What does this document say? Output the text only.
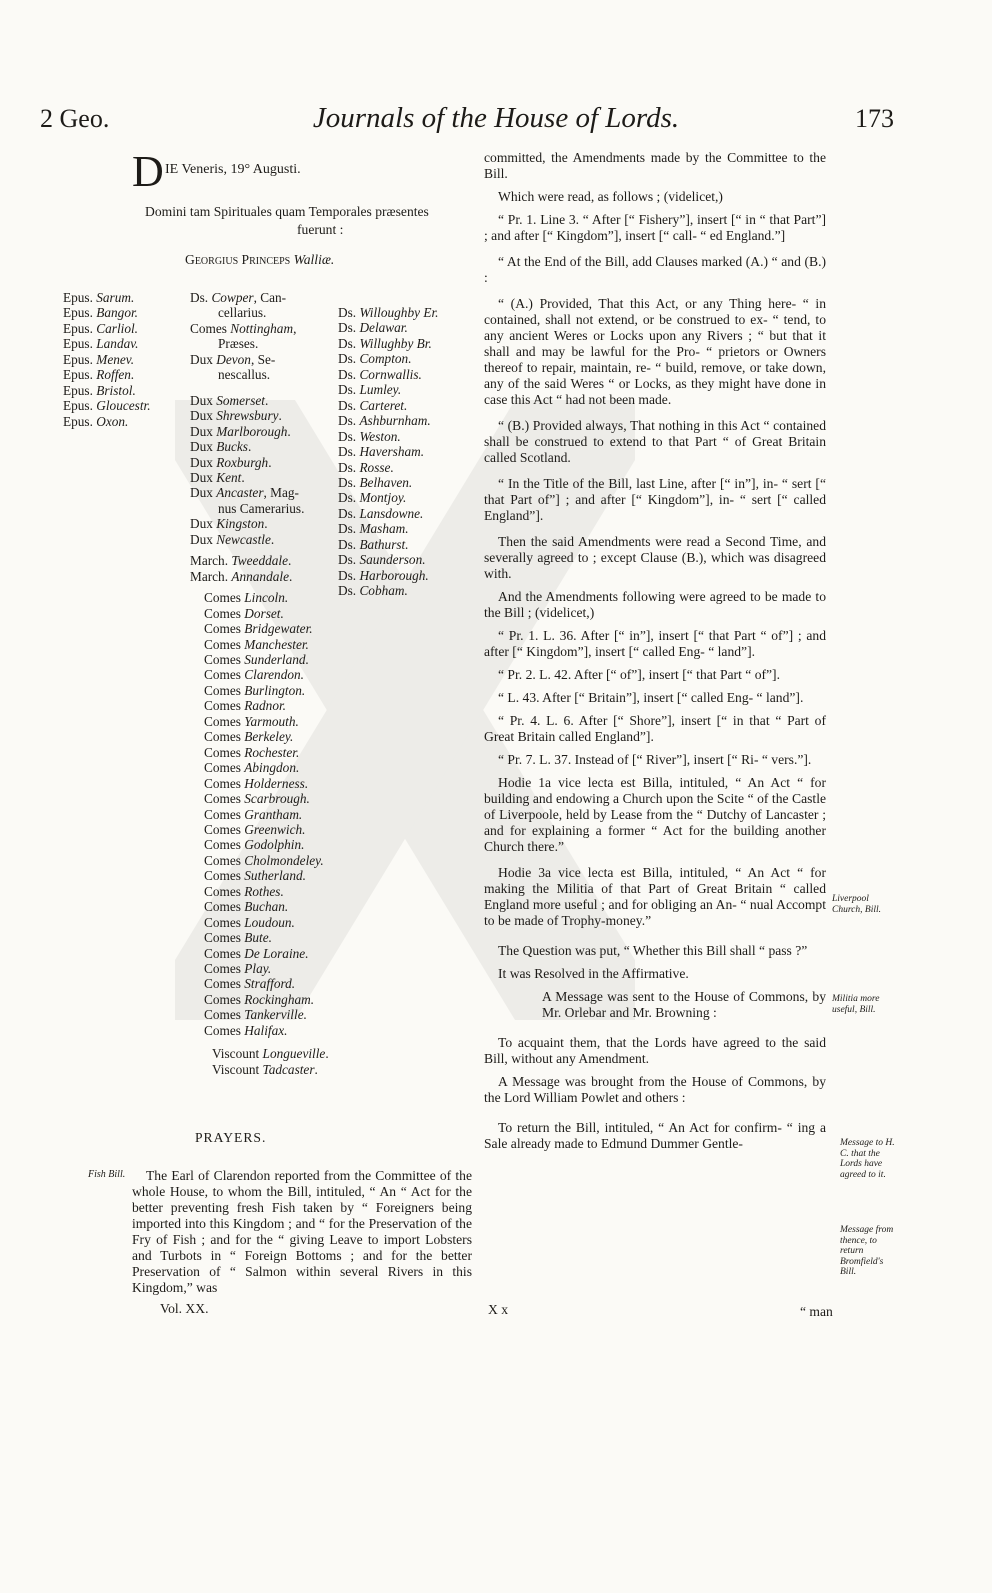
2 Geo.	Journals of the House of Lords.	173
D IE Veneris, 19° Augusti.
Domini tam Spirituales quam Temporales præsentes
fuerunt :
Georgius Princeps Walliæ.
Epus. Sarum.
Epus. Bangor.
Epus. Carliol.
Epus. Landav.
Epus. Menev.
Epus. Roffen.
Epus. Bristol.
Epus. Gloucestr.
Epus. Oxon.
Ds. Cowper, Can-
cellarius.
Comes Nottingham,
Præses.
Dux Devon, Se-
nescallus.
Dux Somerset.
Dux Shrewsbury.
Dux Marlborough.
Dux Bucks.
Dux Roxburgh.
Dux Kent.
Dux Ancaster, Mag-
nus Camerarius.
Dux Kingston.
Dux Newcastle.
March. Tweeddale.
March. Annandale.
Comes Lincoln.
Comes Dorset.
Comes Bridgewater.
Comes Manchester.
Comes Sunderland.
Comes Clarendon.
Comes Burlington.
Comes Radnor.
Comes Yarmouth.
Comes Berkeley.
Comes Rochester.
Comes Abingdon.
Comes Holderness.
Comes Scarbrough.
Comes Grantham.
Comes Greenwich.
Comes Godolphin.
Comes Cholmondeley.
Comes Sutherland.
Comes Rothes.
Comes Buchan.
Comes Loudoun.
Comes Bute.
Comes De Loraine.
Comes Play.
Comes Strafford.
Comes Rockingham.
Comes Tankerville.
Comes Halifax.
Viscount Longueville.
Viscount Tadcaster.
Ds. Willoughby Er.
Ds. Delawar.
Ds. Willughby Br.
Ds. Compton.
Ds. Cornwallis.
Ds. Lumley.
Ds. Carteret.
Ds. Ashburnham.
Ds. Weston.
Ds. Haversham.
Ds. Rosse.
Ds. Belhaven.
Ds. Montjoy.
Ds. Lansdowne.
Ds. Masham.
Ds. Bathurst.
Ds. Saunderson.
Ds. Harborough.
Ds. Cobham.
PRAYERS.
Fish Bill.	The Earl of Clarendon reported from the Committee of the whole House, to whom the Bill, intituled, “ An “ Act for the better preventing fresh Fish taken by “ Foreigners being imported into this Kingdom ; and “ for the Preservation of the Fry of Fish ; and for the “ giving Leave to import Lobsters and Turbots in “ Foreign Bottoms ; and for the better Preservation of “ Salmon within several Rivers in this Kingdom,” was

Vol. XX.

committed, the Amendments made by the Committee to the Bill.

Which were read, as follows ; (videlicet,)

“ Pr. 1. Line 3. “ After [“ Fishery”], insert [“ in “ that Part”] ; and after [“ Kingdom”], insert [“ call- “ ed England.”]

“ At the End of the Bill, add Clauses marked (A.) “ and (B.) :

“ (A.) Provided, That this Act, or any Thing here- “ in contained, shall not extend, or be construed to ex- “ tend, to any ancient Weres or Locks upon any Rivers ; “ but that it shall and may be lawful for the Pro- “ prietors or Owners thereof to repair, maintain, re- “ build, remove, or take down, any of the said Weres “ or Locks, as they might have done in case this Act “ had not been made.

“ (B.) Provided always, That nothing in this Act “ contained shall be construed to extend to that Part “ of Great Britain called Scotland.

“ In the Title of the Bill, last Line, after [“ in”], in- “ sert [“ that Part of”] ; and after [“ Kingdom”], in- “ sert [“ called England”].

Then the said Amendments were read a Second Time, and severally agreed to ; except Clause (B.), which was disagreed with.

And the Amendments following were agreed to be made to the Bill ; (videlicet,)

“ Pr. 1. L. 36. After [“ in”], insert [“ that Part “ of”] ; and after [“ Kingdom”], insert [“ called Eng- “ land”].

“ Pr. 2. L. 42. After [“ of”], insert [“ that Part “ of”].

“ L. 43. After [“ Britain”], insert [“ called Eng- “ land”].

“ Pr. 4. L. 6. After [“ Shore”], insert [“ in that “ Part of Great Britain called England”].

“ Pr. 7. L. 37. Instead of [“ River”], insert [“ Ri- “ vers.”].

Hodie 1a vice lecta est Billa, intituled, “ An Act “ for building and endowing a Church upon the Scite “ of the Castle of Liverpoole, held by Lease from the “ Dutchy of Lancaster ; and for explaining a former “ Act for the building another Church there.”

Hodie 3a vice lecta est Billa, intituled, “ An Act “ for making the Militia of that Part of Great Britain “ called England more useful ; and for obliging an An- “ nual Accompt to be made of Trophy-money.”

The Question was put, “ Whether this Bill shall “ pass ?”

It was Resolved in the Affirmative.

A Message was sent to the House of Commons, by Mr. Orlebar and Mr. Browning :

To acquaint them, that the Lords have agreed to the said Bill, without any Amendment.

A Message was brought from the House of Commons, by the Lord William Powlet and others :

To return the Bill, intituled, “ An Act for confirm- “ ing a Sale already made to Edmund Dummer Gentle-

Liverpool Church, Bill.
Militia more useful, Bill.
Message to H. C. that the Lords have agreed to it.
Message from thence, to return Bromfield's Bill.
X x	“ man
